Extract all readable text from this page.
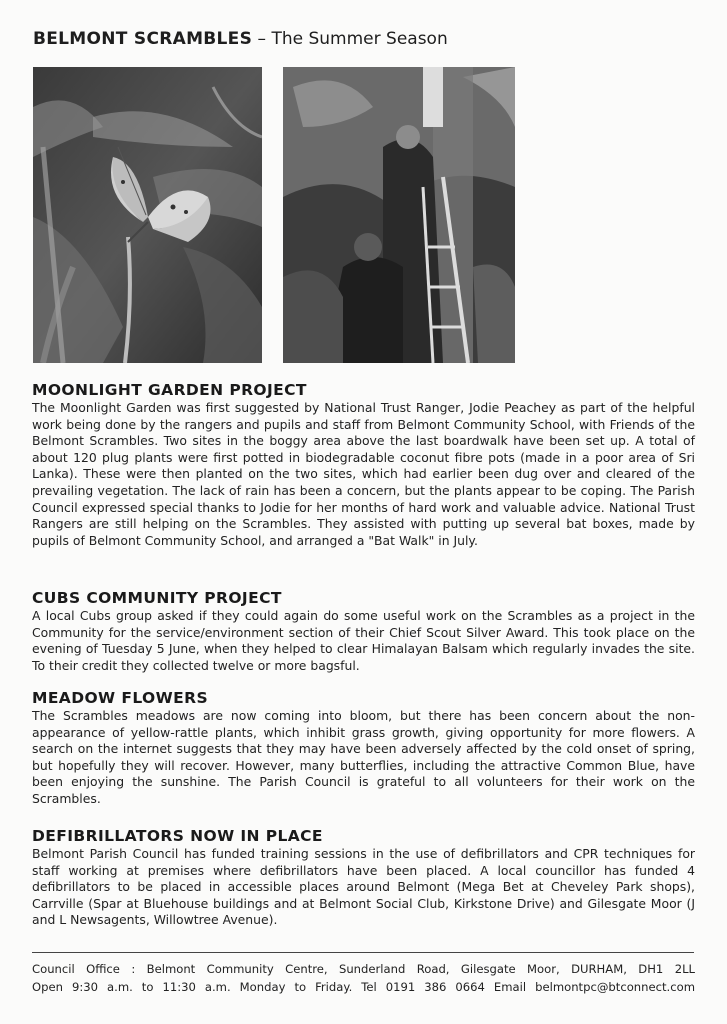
BELMONT SCRAMBLES – The Summer Season
MOONLIGHT GARDEN PROJECT

The Moonlight Garden was first suggested by National Trust Ranger, Jodie Peachey as part of the helpful work being done by the rangers and pupils and staff from Belmont Community School, with Friends of the Belmont Scrambles. Two sites in the boggy area above the last boardwalk have been set up. A total of about 120 plug plants were first potted in biodegradable coconut fibre pots (made in a poor area of Sri Lanka). These were then planted on the two sites, which had earlier been dug over and cleared of the prevailing vegetation. The lack of rain has been a concern, but the plants appear to be coping. The Parish Council expressed special thanks to Jodie for her months of hard work and valuable advice. National Trust Rangers are still helping on the Scrambles. They assisted with putting up several bat boxes, made by pupils of Belmont Community School, and arranged a "Bat Walk" in July.

CUBS COMMUNITY PROJECT

A local Cubs group asked if they could again do some useful work on the Scrambles as a project in the Community for the service/environment section of their Chief Scout Silver Award. This took place on the evening of Tuesday 5 June, when they helped to clear Himalayan Balsam which regularly invades the site. To their credit they collected twelve or more bagsful.

MEADOW FLOWERS

The Scrambles meadows are now coming into bloom, but there has been concern about the non-appearance of yellow-rattle plants, which inhibit grass growth, giving opportunity for more flowers. A search on the internet suggests that they may have been adversely affected by the cold onset of spring, but hopefully they will recover. However, many butterflies, including the attractive Common Blue, have been enjoying the sunshine. The Parish Council is grateful to all volunteers for their work on the Scrambles.

DEFIBRILLATORS NOW IN PLACE

Belmont Parish Council has funded training sessions in the use of defibrillators and CPR techniques for staff working at premises where defibrillators have been placed. A local councillor has funded 4 defibrillators to be placed in accessible places around Belmont (Mega Bet at Cheveley Park shops), Carrville (Spar at Bluehouse buildings and at Belmont Social Club, Kirkstone Drive) and Gilesgate Moor (J and L Newsagents, Willowtree Avenue).

Council Office : Belmont Community Centre, Sunderland Road, Gilesgate Moor, DURHAM, DH1 2LL
Open 9:30 a.m. to 11:30 a.m. Monday to Friday. Tel 0191 386 0664 Email belmontpc@btconnect.com
